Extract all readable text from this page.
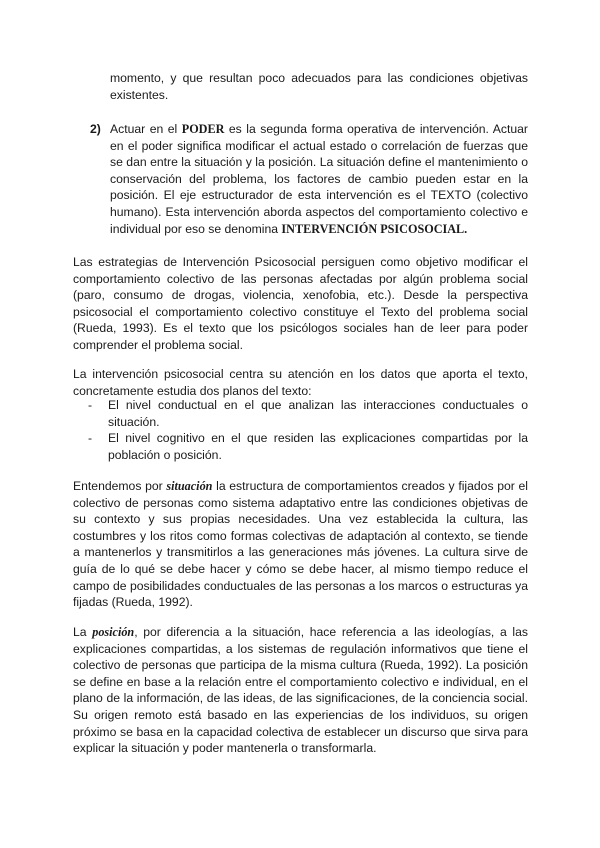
momento, y que resultan poco adecuados para las condiciones objetivas existentes.

2) Actuar en el PODER es la segunda forma operativa de intervención. Actuar en el poder significa modificar el actual estado o correlación de fuerzas que se dan entre la situación y la posición. La situación define el mantenimiento o conservación del problema, los factores de cambio pueden estar en la posición. El eje estructurador de esta intervención es el TEXTO (colectivo humano). Esta intervención aborda aspectos del comportamiento colectivo e individual por eso se denomina INTERVENCIÓN PSICOSOCIAL.

Las estrategias de Intervención Psicosocial persiguen como objetivo modificar el comportamiento colectivo de las personas afectadas por algún problema social (paro, consumo de drogas, violencia, xenofobia, etc.). Desde la perspectiva psicosocial el comportamiento colectivo constituye el Texto del problema social (Rueda, 1993). Es el texto que los psicólogos sociales han de leer para poder comprender el problema social.

La intervención psicosocial centra su atención en los datos que aporta el texto, concretamente estudia dos planos del texto:

- El nivel conductual en el que analizan las interacciones conductuales o situación.

- El nivel cognitivo en el que residen las explicaciones compartidas por la población o posición.

Entendemos por situación la estructura de comportamientos creados y fijados por el colectivo de personas como sistema adaptativo entre las condiciones objetivas de su contexto y sus propias necesidades. Una vez establecida la cultura, las costumbres y los ritos como formas colectivas de adaptación al contexto, se tiende a mantenerlos y transmitirlos a las generaciones más jóvenes. La cultura sirve de guía de lo qué se debe hacer y cómo se debe hacer, al mismo tiempo reduce el campo de posibilidades conductuales de las personas a los marcos o estructuras ya fijadas (Rueda, 1992).

La posición, por diferencia a la situación, hace referencia a las ideologías, a las explicaciones compartidas, a los sistemas de regulación informativos que tiene el colectivo de personas que participa de la misma cultura (Rueda, 1992). La posición se define en base a la relación entre el comportamiento colectivo e individual, en el plano de la información, de las ideas, de las significaciones, de la conciencia social. Su origen remoto está basado en las experiencias de los individuos, su origen próximo se basa en la capacidad colectiva de establecer un discurso que sirva para explicar la situación y poder mantenerla o transformarla.
